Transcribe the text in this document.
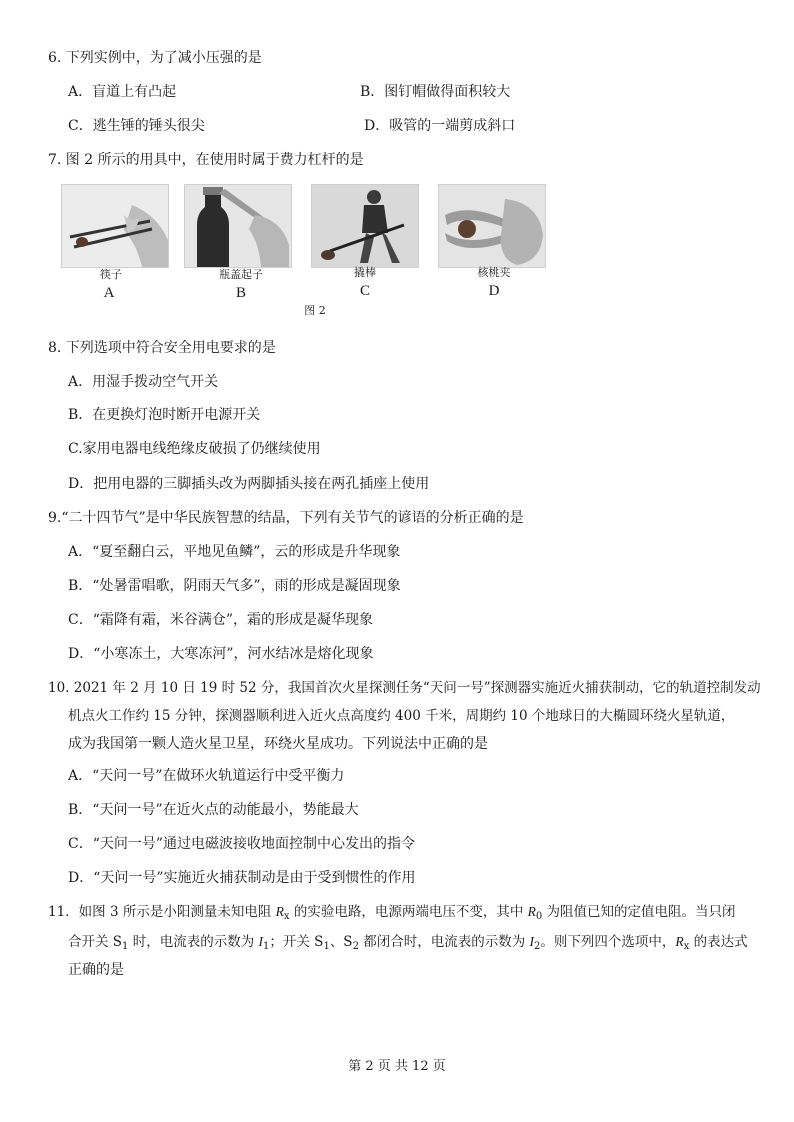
6. 下列实例中，为了减小压强的是
A．盲道上有凸起	B．图钉帽做得面积较大
C．逃生锤的锤头很尖	D．吸管的一端剪成斜口
7. 图 2 所示的用具中，在使用时属于费力杠杆的是
筷子
A
瓶盖起子
B
撬棒
C
核桃夹
D
图 2
8. 下列选项中符合安全用电要求的是
A．用湿手拨动空气开关
B．在更换灯泡时断开电源开关
C.家用电器电线绝缘皮破损了仍继续使用
D．把用电器的三脚插头改为两脚插头接在两孔插座上使用
9.“二十四节气”是中华民族智慧的结晶，下列有关节气的谚语的分析正确的是
A．“夏至翻白云，平地见鱼鳞”，云的形成是升华现象
B．“处暑雷唱歌，阴雨天气多”，雨的形成是凝固现象
C．“霜降有霜，米谷满仓”，霜的形成是凝华现象
D．“小寒冻土，大寒冻河”，河水结冰是熔化现象
10. 2021 年 2 月 10 日 19 时 52 分，我国首次火星探测任务“天问一号”探测器实施近火捕获制动，它的轨道控制发动
机点火工作约 15 分钟，探测器顺利进入近火点高度约 400 千米，周期约 10 个地球日的大椭圆环绕火星轨道，
成为我国第一颗人造火星卫星，环绕火星成功。下列说法中正确的是
A．“天问一号”在做环火轨道运行中受平衡力
B．“天问一号”在近火点的动能最小，势能最大
C．“天问一号”通过电磁波接收地面控制中心发出的指令
D．“天问一号”实施近火捕获制动是由于受到惯性的作用
11．如图 3 所示是小阳测量未知电阻 $R_x$ 的实验电路，电源两端电压不变，其中 $R_0$ 为阻值已知的定值电阻。当只闭
合开关 $S_1$ 时，电流表的示数为 $I_1$；开关 $S_1$、$S_2$ 都闭合时，电流表的示数为 $I_2$。则下列四个选项中，$R_x$ 的表达式
正确的是
第 2 页 共 12 页
